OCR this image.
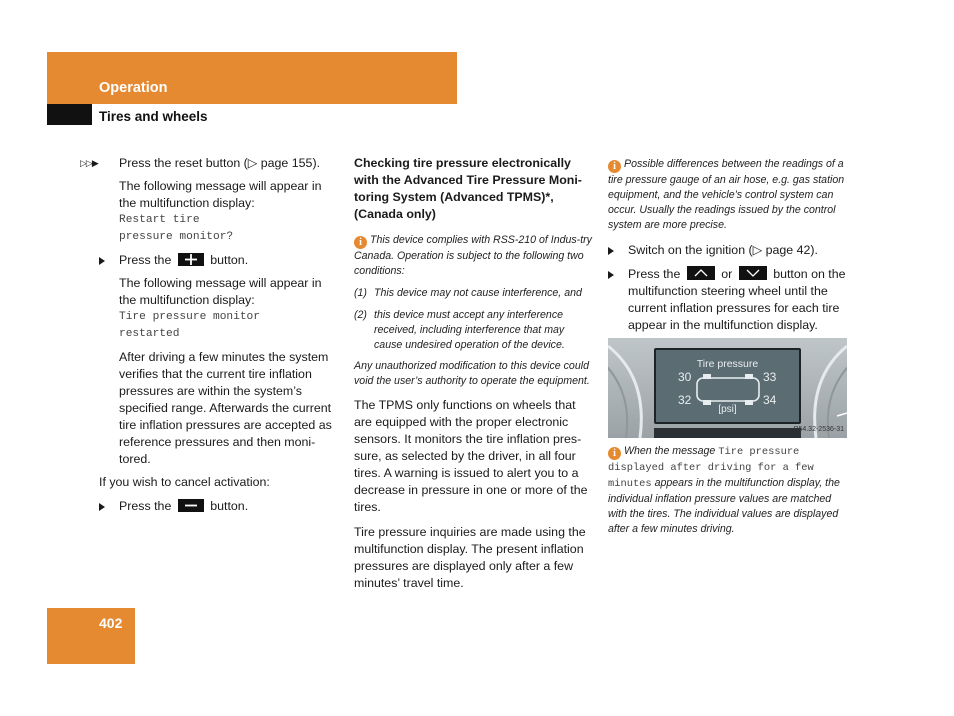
Operation
Tires and wheels
▷▷▶ Press the reset button (▷ page 155).

The following message will appear in the multifunction display:

Restart tire
pressure monitor?
Press the	button.

The following message will appear in the multifunction display:

Tire pressure monitor
restarted

After driving a few minutes the system verifies that the current tire inflation pressures are within the system’s specified range. Afterwards the current tire inflation pressures are accepted as reference pressures and then moni-tored.

If you wish to cancel activation:

Press the	button.
Checking tire pressure electronically with the Advanced Tire Pressure Moni-toring System (Advanced TPMS)*, (Canada only)

i This device complies with RSS-210 of Indus-try Canada. Operation is subject to the following two conditions:

(1) This device may not cause interference, and
(2) this device must accept any interference received, including interference that may cause undesired operation of the device.

Any unauthorized modification to this device could void the user’s authority to operate the equipment.

The TPMS only functions on wheels that are equipped with the proper electronic sensors. It monitors the tire inflation pres-sure, as selected by the driver, in all four tires. A warning is issued to alert you to a decrease in pressure in one or more of the tires.

Tire pressure inquiries are made using the multifunction display. The present inflation pressures are displayed only after a few minutes’ travel time.

i Possible differences between the readings of a tire pressure gauge of an air hose, e.g. gas station equipment, and the vehicle’s control system can occur. Usually the readings issued by the control system are more precise.

Switch on the ignition (▷ page 42).
Press the	or	button on the multifunction steering wheel until the current inflation pressures for each tire appear in the multifunction display.
Tire pressure
30	33
32	34
[psi]
P54.32-2536-31

i When the message Tire pressure displayed after driving for a few minutes appears in the multifunction display, the individual inflation pressure values are matched with the tires. The individual values are displayed after a few minutes driving.

402
